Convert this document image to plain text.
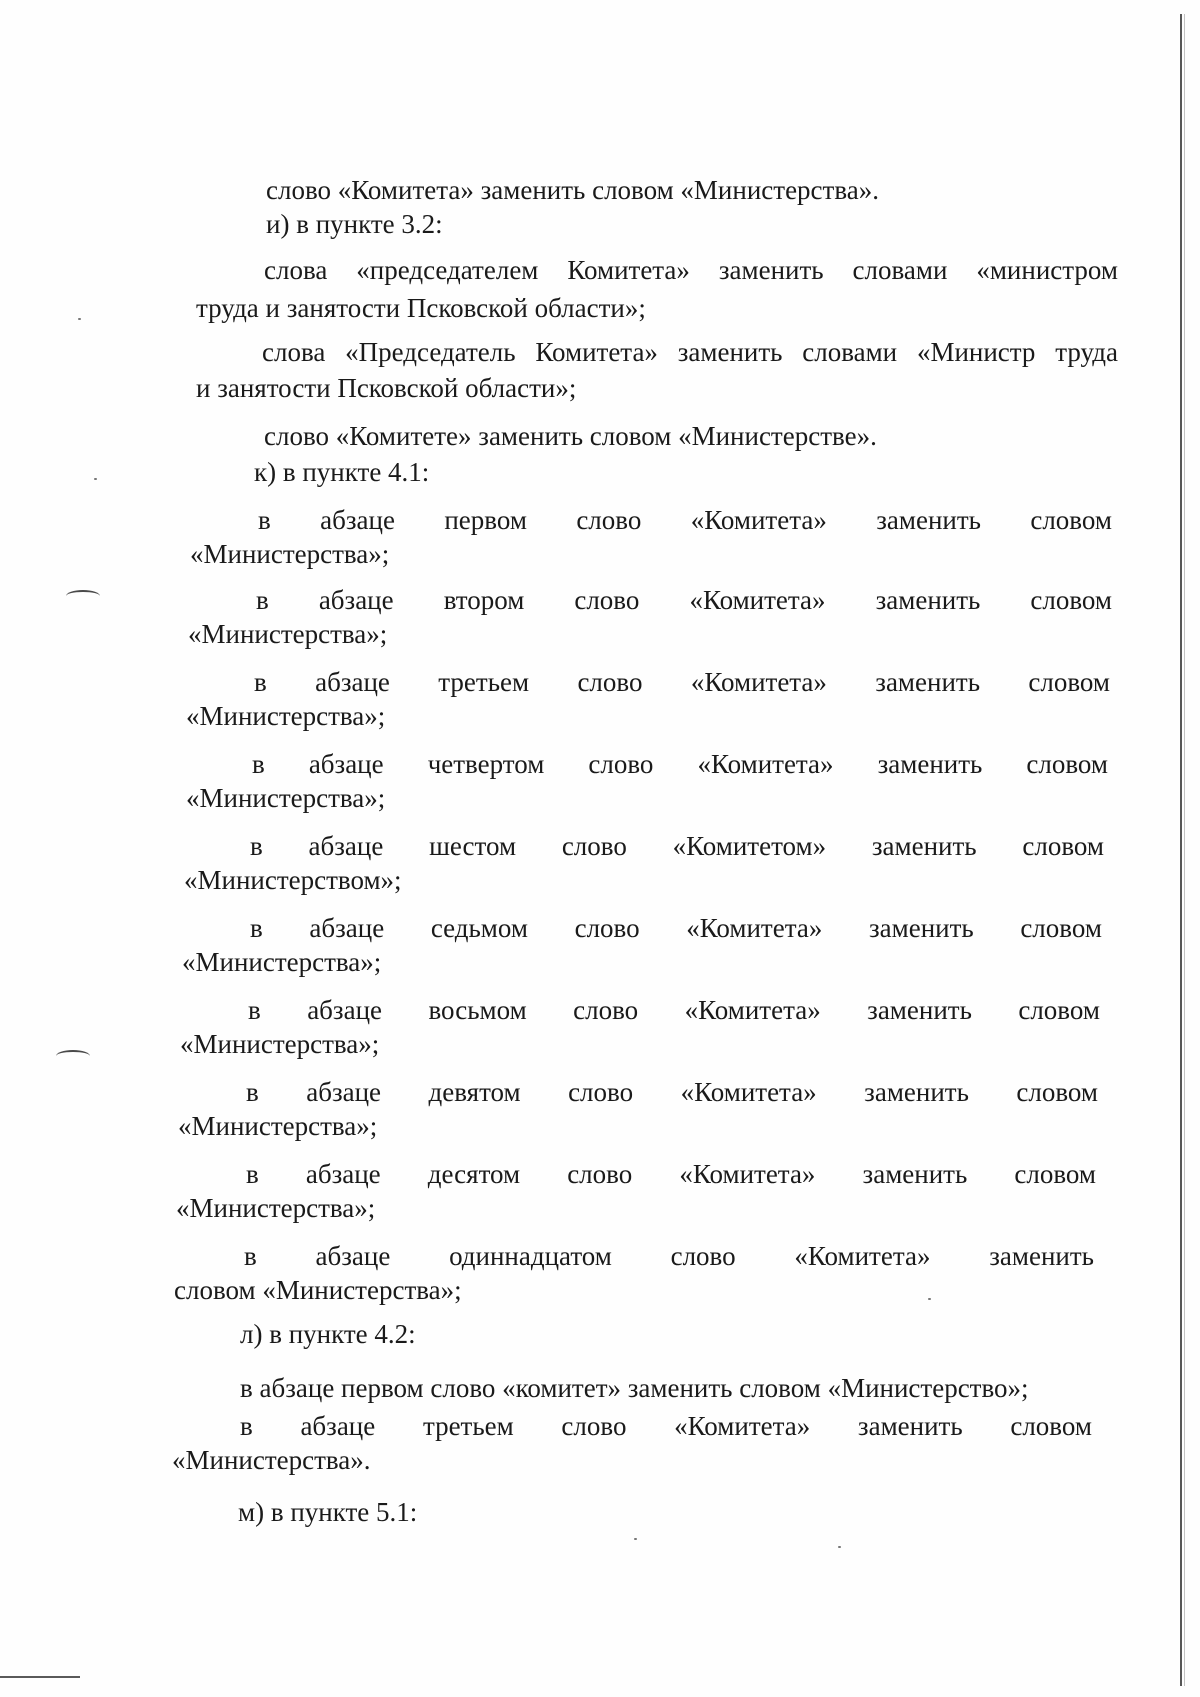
слово «Комитета» заменить словом «Министерства».
и) в пункте 3.2:
слова «председателем Комитета» заменить словами «министром
труда и занятости Псковской области»;
слова «Председатель Комитета» заменить словами «Министр труда
и занятости Псковской области»;
слово «Комитете» заменить словом «Министерстве».
к) в пункте 4.1:
в абзаце первом слово «Комитета» заменить словом
«Министерства»;
в абзаце втором слово «Комитета» заменить словом
«Министерства»;
в абзаце третьем слово «Комитета» заменить словом
«Министерства»;
в абзаце четвертом слово «Комитета» заменить словом
«Министерства»;
в абзаце шестом слово «Комитетом» заменить словом
«Министерством»;
в абзаце седьмом слово «Комитета» заменить словом
«Министерства»;
в абзаце восьмом слово «Комитета» заменить словом
«Министерства»;
в абзаце девятом слово «Комитета» заменить словом
«Министерства»;
в абзаце десятом слово «Комитета» заменить словом
«Министерства»;
в абзаце одиннадцатом слово «Комитета» заменить
словом «Министерства»;
л) в пункте 4.2:
в абзаце первом слово «комитет» заменить словом «Министерство»;
в абзаце третьем слово «Комитета» заменить словом
«Министерства».
м) в пункте 5.1:
